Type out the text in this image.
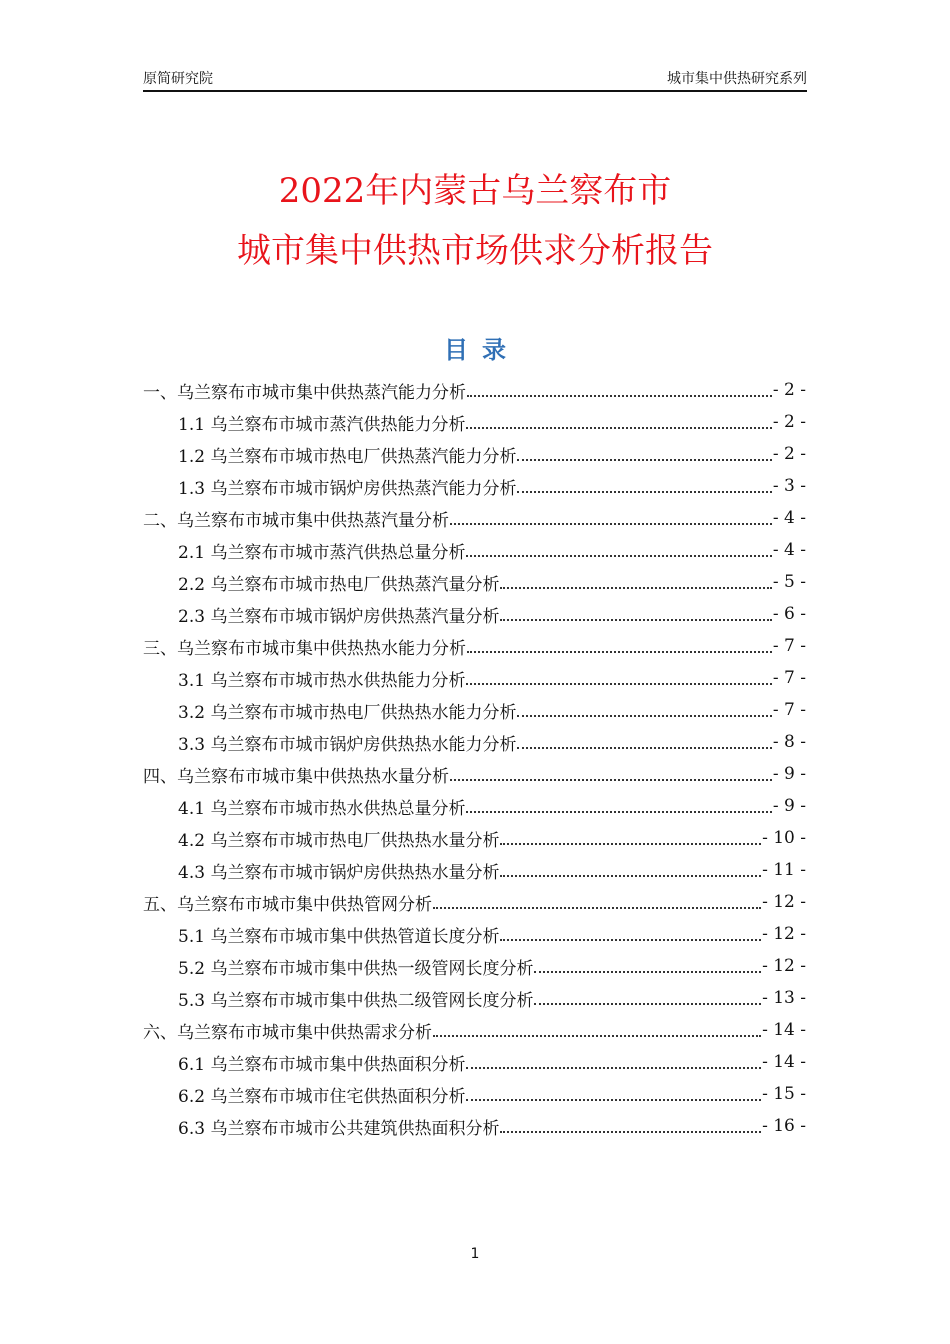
原简研究院	城市集中供热研究系列
2022年内蒙古乌兰察布市
城市集中供热市场供求分析报告
目录
一、乌兰察布市城市集中供热蒸汽能力分析	- 2 -
1.1 乌兰察布市城市蒸汽供热能力分析	- 2 -
1.2 乌兰察布市城市热电厂供热蒸汽能力分析	- 2 -
1.3 乌兰察布市城市锅炉房供热蒸汽能力分析	- 3 -
二、乌兰察布市城市集中供热蒸汽量分析	- 4 -
2.1 乌兰察布市城市蒸汽供热总量分析	- 4 -
2.2 乌兰察布市城市热电厂供热蒸汽量分析	- 5 -
2.3 乌兰察布市城市锅炉房供热蒸汽量分析	- 6 -
三、乌兰察布市城市集中供热热水能力分析	- 7 -
3.1 乌兰察布市城市热水供热能力分析	- 7 -
3.2 乌兰察布市城市热电厂供热热水能力分析	- 7 -
3.3 乌兰察布市城市锅炉房供热热水能力分析	- 8 -
四、乌兰察布市城市集中供热热水量分析	- 9 -
4.1 乌兰察布市城市热水供热总量分析	- 9 -
4.2 乌兰察布市城市热电厂供热热水量分析	- 10 -
4.3 乌兰察布市城市锅炉房供热热水量分析	- 11 -
五、乌兰察布市城市集中供热管网分析	- 12 -
5.1 乌兰察布市城市集中供热管道长度分析	- 12 -
5.2 乌兰察布市城市集中供热一级管网长度分析	- 12 -
5.3 乌兰察布市城市集中供热二级管网长度分析	- 13 -
六、乌兰察布市城市集中供热需求分析	- 14 -
6.1 乌兰察布市城市集中供热面积分析	- 14 -
6.2 乌兰察布市城市住宅供热面积分析	- 15 -
6.3 乌兰察布市城市公共建筑供热面积分析	- 16 -
1
